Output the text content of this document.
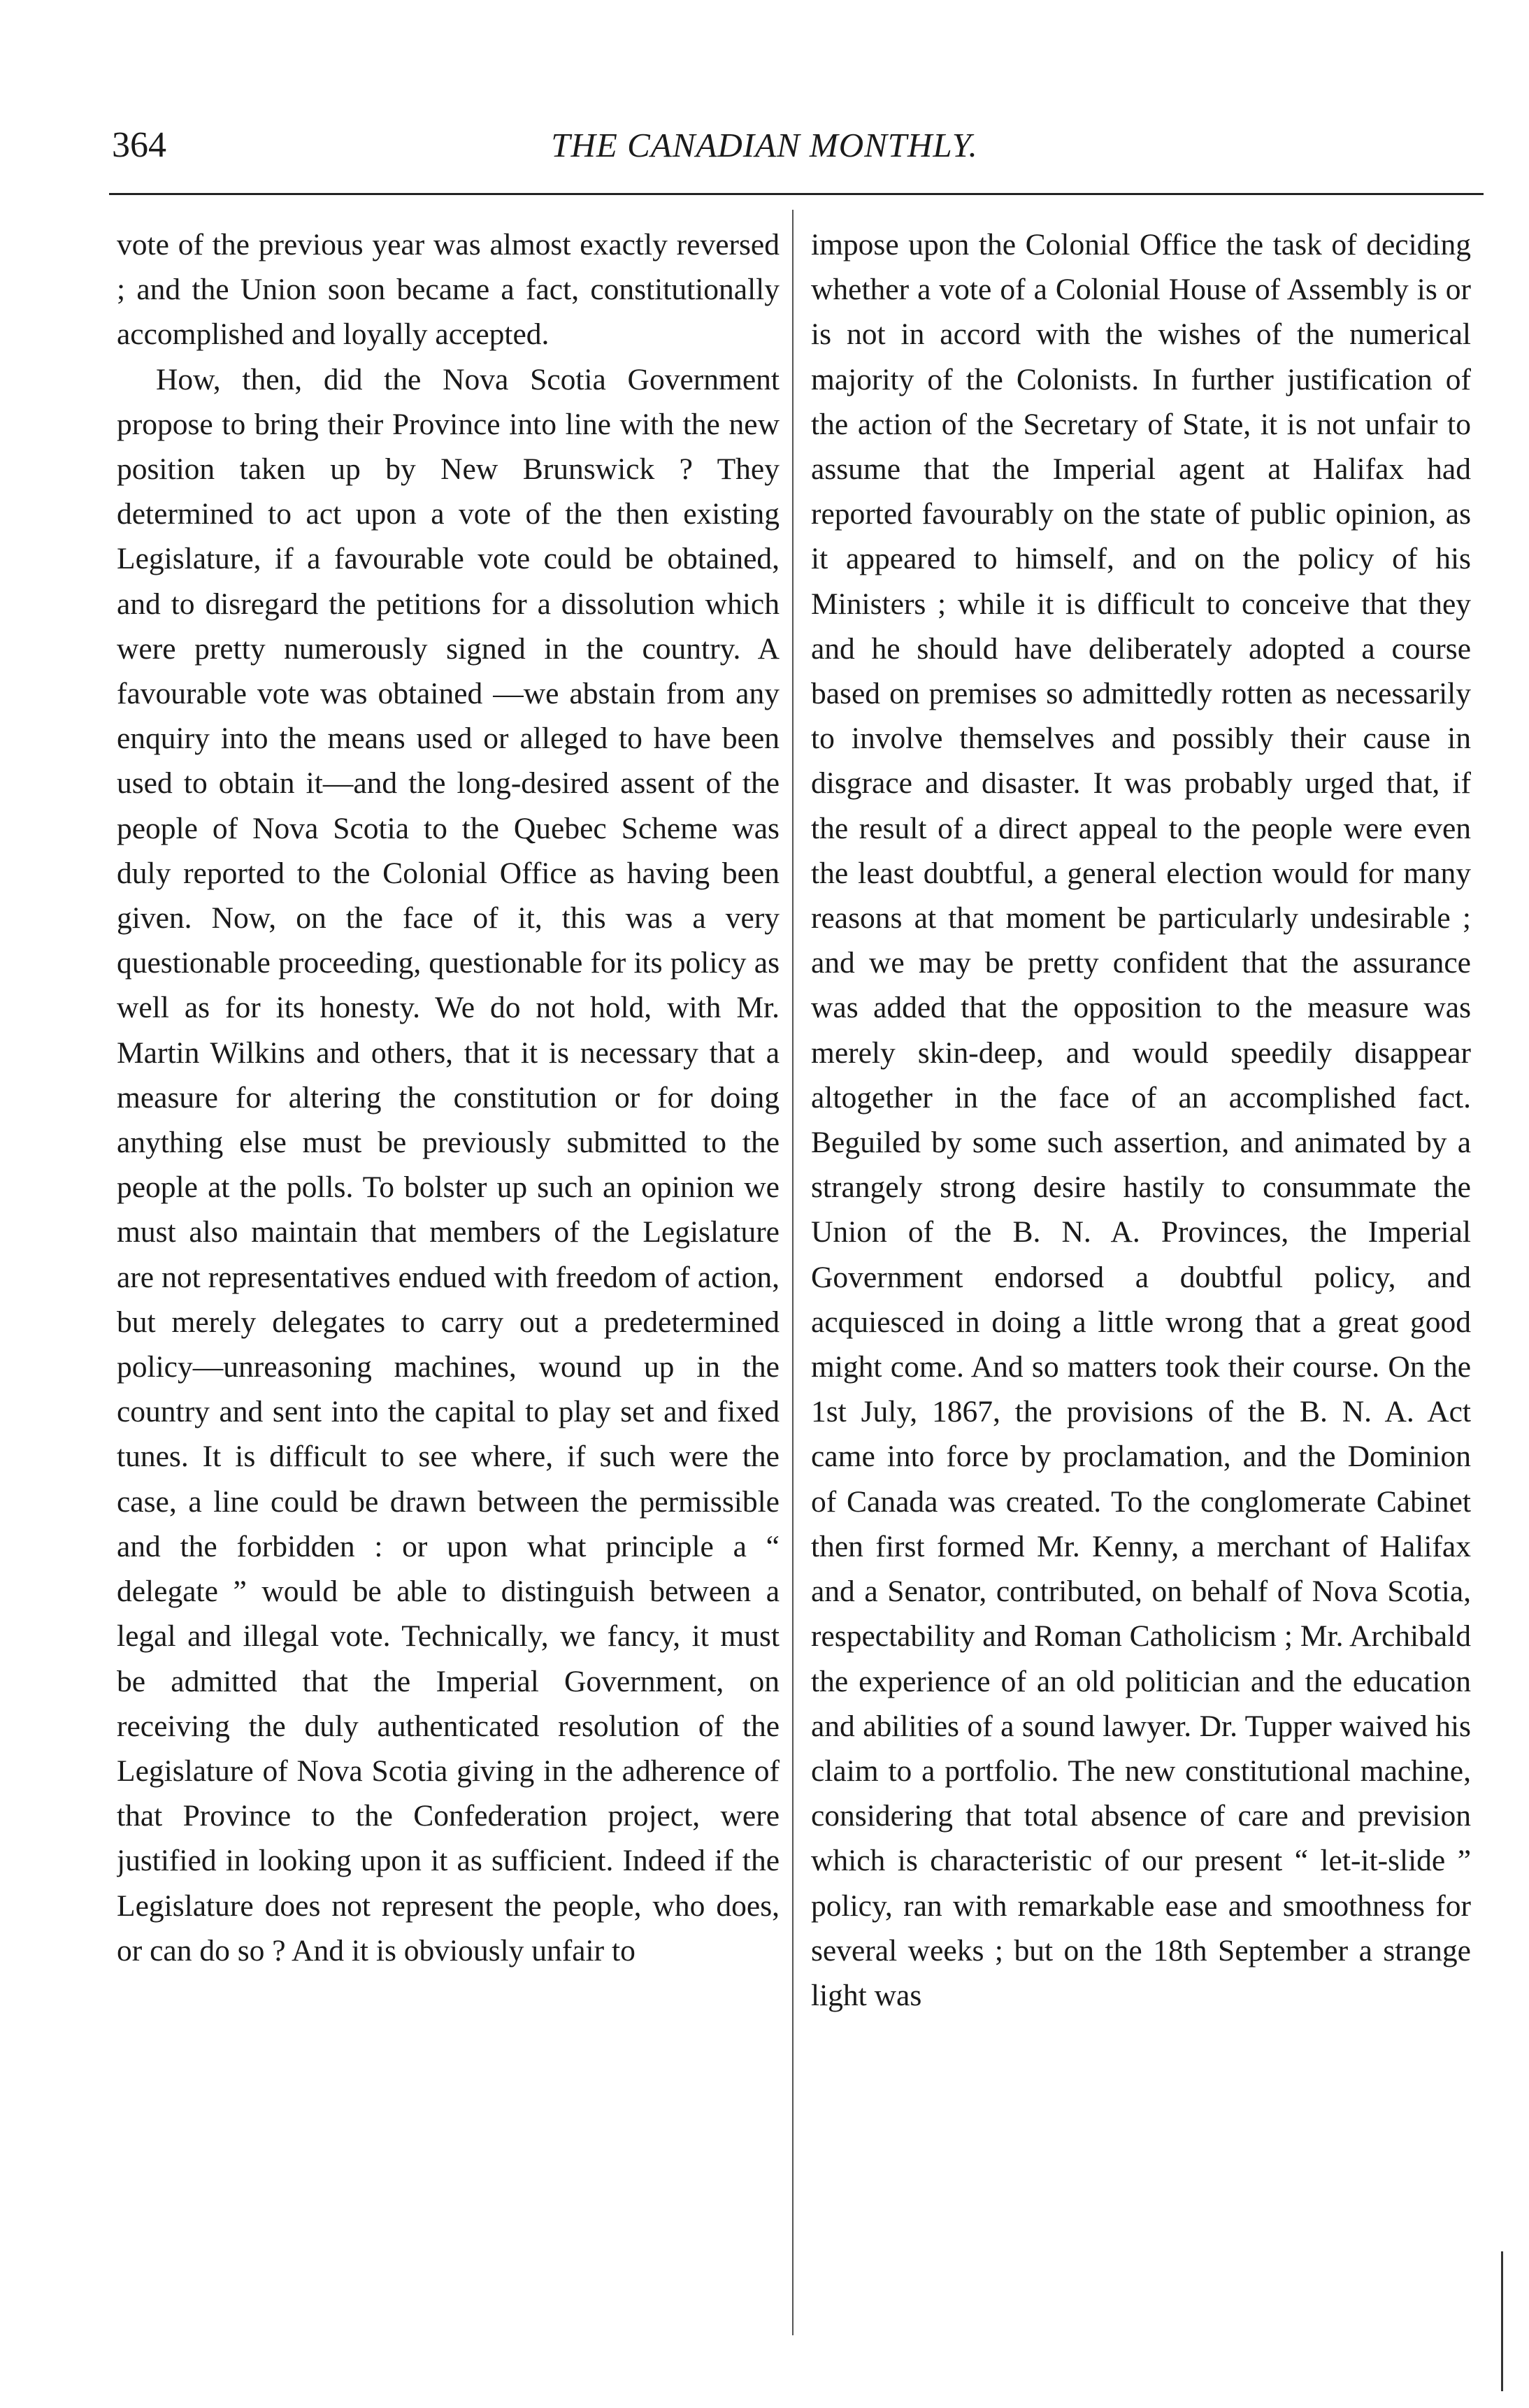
364	THE CANADIAN MONTHLY.

vote of the previous year was almost exactly reversed ; and the Union soon became a fact, constitutionally accomplished and loyally accepted.

How, then, did the Nova Scotia Government propose to bring their Province into line with the new position taken up by New Brunswick ? They determined to act upon a vote of the then existing Legislature, if a favourable vote could be obtained, and to disregard the petitions for a dissolution which were pretty numerously signed in the country. A favourable vote was obtained —we abstain from any enquiry into the means used or alleged to have been used to obtain it—and the long-desired assent of the people of Nova Scotia to the Quebec Scheme was duly reported to the Colonial Office as having been given. Now, on the face of it, this was a very questionable proceeding, questionable for its policy as well as for its honesty. We do not hold, with Mr. Martin Wilkins and others, that it is necessary that a measure for altering the constitution or for doing anything else must be previously submitted to the people at the polls. To bolster up such an opinion we must also maintain that members of the Legislature are not representatives endued with freedom of action, but merely delegates to carry out a predetermined policy—unreasoning machines, wound up in the country and sent into the capital to play set and fixed tunes. It is difficult to see where, if such were the case, a line could be drawn between the permissible and the forbidden : or upon what principle a “ delegate ” would be able to distinguish between a legal and illegal vote. Technically, we fancy, it must be admitted that the Imperial Government, on receiving the duly authenticated resolution of the Legislature of Nova Scotia giving in the adherence of that Province to the Confederation project, were justified in looking upon it as sufficient. Indeed if the Legislature does not represent the people, who does, or can do so ? And it is obviously unfair to

impose upon the Colonial Office the task of deciding whether a vote of a Colonial House of Assembly is or is not in accord with the wishes of the numerical majority of the Colonists. In further justification of the action of the Secretary of State, it is not unfair to assume that the Imperial agent at Halifax had reported favourably on the state of public opinion, as it appeared to himself, and on the policy of his Ministers ; while it is difficult to conceive that they and he should have deliberately adopted a course based on premises so admittedly rotten as necessarily to involve themselves and possibly their cause in disgrace and disaster. It was probably urged that, if the result of a direct appeal to the people were even the least doubtful, a general election would for many reasons at that moment be particularly undesirable ; and we may be pretty confident that the assurance was added that the opposition to the measure was merely skin-deep, and would speedily disappear altogether in the face of an accomplished fact. Beguiled by some such assertion, and animated by a strangely strong desire hastily to consummate the Union of the B. N. A. Provinces, the Imperial Government endorsed a doubtful policy, and acquiesced in doing a little wrong that a great good might come. And so matters took their course. On the 1st July, 1867, the provisions of the B. N. A. Act came into force by proclamation, and the Dominion of Canada was created. To the conglomerate Cabinet then first formed Mr. Kenny, a merchant of Halifax and a Senator, contributed, on behalf of Nova Scotia, respectability and Roman Catholicism ; Mr. Archibald the experience of an old politician and the education and abilities of a sound lawyer. Dr. Tupper waived his claim to a portfolio. The new constitutional machine, considering that total absence of care and prevision which is characteristic of our present “ let-it-slide ” policy, ran with remarkable ease and smoothness for several weeks ; but on the 18th September a strange light was
